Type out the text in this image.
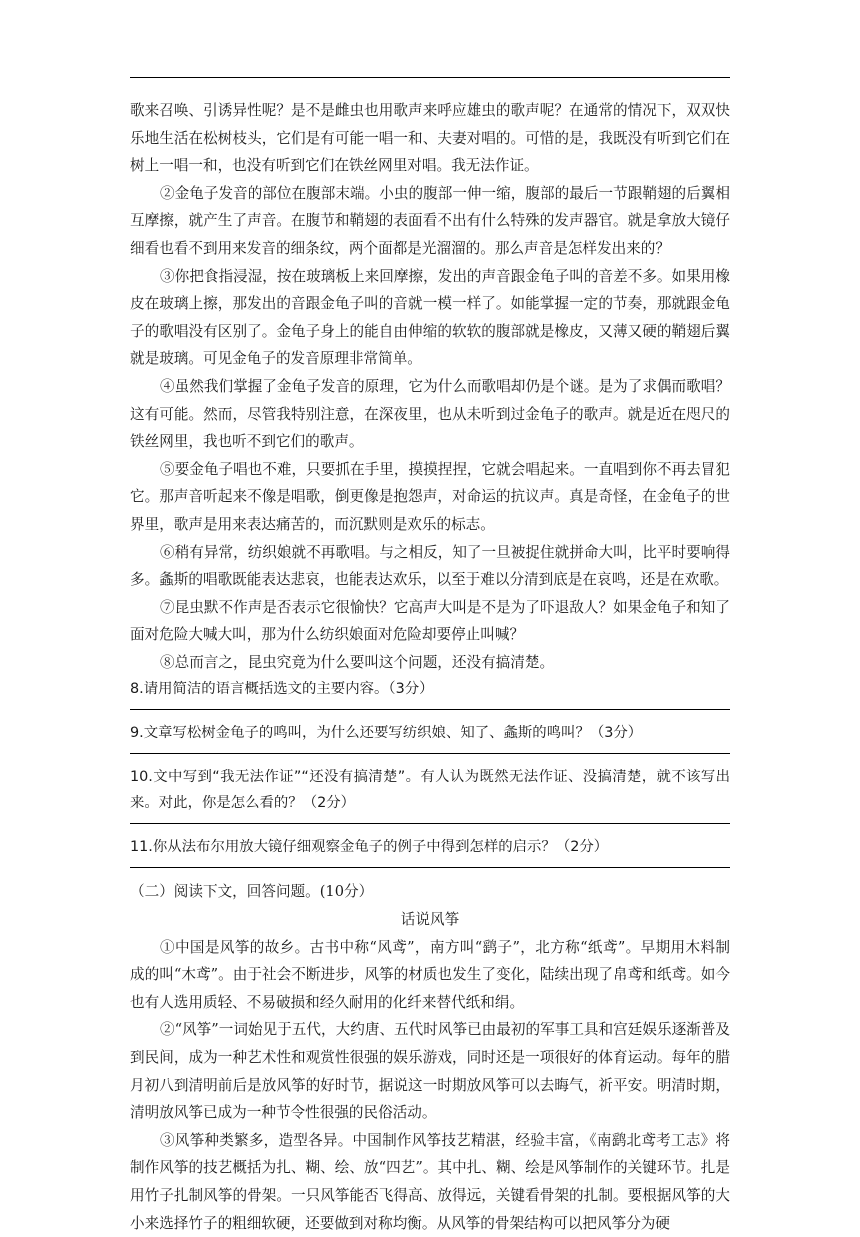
歌来召唤、引诱异性呢？是不是雌虫也用歌声来呼应雄虫的歌声呢？在通常的情况下，双双快乐地生活在松树枝头，它们是有可能一唱一和、夫妻对唱的。可惜的是，我既没有听到它们在树上一唱一和，也没有听到它们在铁丝网里对唱。我无法作证。

②金龟子发音的部位在腹部末端。小虫的腹部一伸一缩，腹部的最后一节跟鞘翅的后翼相互摩擦，就产生了声音。在腹节和鞘翅的表面看不出有什么特殊的发声器官。就是拿放大镜仔细看也看不到用来发音的细条纹，两个面都是光溜溜的。那么声音是怎样发出来的？

③你把食指浸湿，按在玻璃板上来回摩擦，发出的声音跟金龟子叫的音差不多。如果用橡皮在玻璃上擦，那发出的音跟金龟子叫的音就一模一样了。如能掌握一定的节奏，那就跟金龟子的歌唱没有区别了。金龟子身上的能自由伸缩的软软的腹部就是橡皮，又薄又硬的鞘翅后翼就是玻璃。可见金龟子的发音原理非常简单。

④虽然我们掌握了金龟子发音的原理，它为什么而歌唱却仍是个谜。是为了求偶而歌唱？这有可能。然而，尽管我特别注意，在深夜里，也从未听到过金龟子的歌声。就是近在咫尺的铁丝网里，我也听不到它们的歌声。

⑤要金龟子唱也不难，只要抓在手里，摸摸捏捏，它就会唱起来。一直唱到你不再去冒犯它。那声音听起来不像是唱歌，倒更像是抱怨声，对命运的抗议声。真是奇怪，在金龟子的世界里，歌声是用来表达痛苦的，而沉默则是欢乐的标志。

⑥稍有异常，纺织娘就不再歌唱。与之相反，知了一旦被捉住就拼命大叫，比平时要响得多。螽斯的唱歌既能表达悲哀，也能表达欢乐，以至于难以分清到底是在哀鸣，还是在欢歌。

⑦昆虫默不作声是否表示它很愉快？它高声大叫是不是为了吓退敌人？如果金龟子和知了面对危险大喊大叫，那为什么纺织娘面对危险却要停止叫喊？

⑧总而言之，昆虫究竟为什么要叫这个问题，还没有搞清楚。

8.请用简洁的语言概括选文的主要内容。（3分）

9.文章写松树金龟子的鸣叫，为什么还要写纺织娘、知了、螽斯的鸣叫？（3分）

10.文中写到“我无法作证”“还没有搞清楚”。有人认为既然无法作证、没搞清楚，就不该写出来。对此，你是怎么看的？（2分）

11.你从法布尔用放大镜仔细观察金龟子的例子中得到怎样的启示？（2分）

（二）阅读下文，回答问题。(10分）

话说风筝

①中国是风筝的故乡。古书中称“风鸢”，南方叫“鹞子”，北方称“纸鸢”。早期用木料制成的叫“木鸢”。由于社会不断进步，风筝的材质也发生了变化，陆续出现了帛鸢和纸鸢。如今也有人选用质轻、不易破损和经久耐用的化纤来替代纸和绢。

②“风筝”一词始见于五代，大约唐、五代时风筝已由最初的军事工具和宫廷娱乐逐渐普及到民间，成为一种艺术性和观赏性很强的娱乐游戏，同时还是一项很好的体育运动。每年的腊月初八到清明前后是放风筝的好时节，据说这一时期放风筝可以去晦气，祈平安。明清时期，清明放风筝已成为一种节令性很强的民俗活动。

③风筝种类繁多，造型各异。中国制作风筝技艺精湛，经验丰富，《南鹞北鸢考工志》将制作风筝的技艺概括为扎、糊、绘、放“四艺”。其中扎、糊、绘是风筝制作的关键环节。扎是用竹子扎制风筝的骨架。一只风筝能否飞得高、放得远，关键看骨架的扎制。要根据风筝的大小来选择竹子的粗细软硬，还要做到对称均衡。从风筝的骨架结构可以把风筝分为硬
